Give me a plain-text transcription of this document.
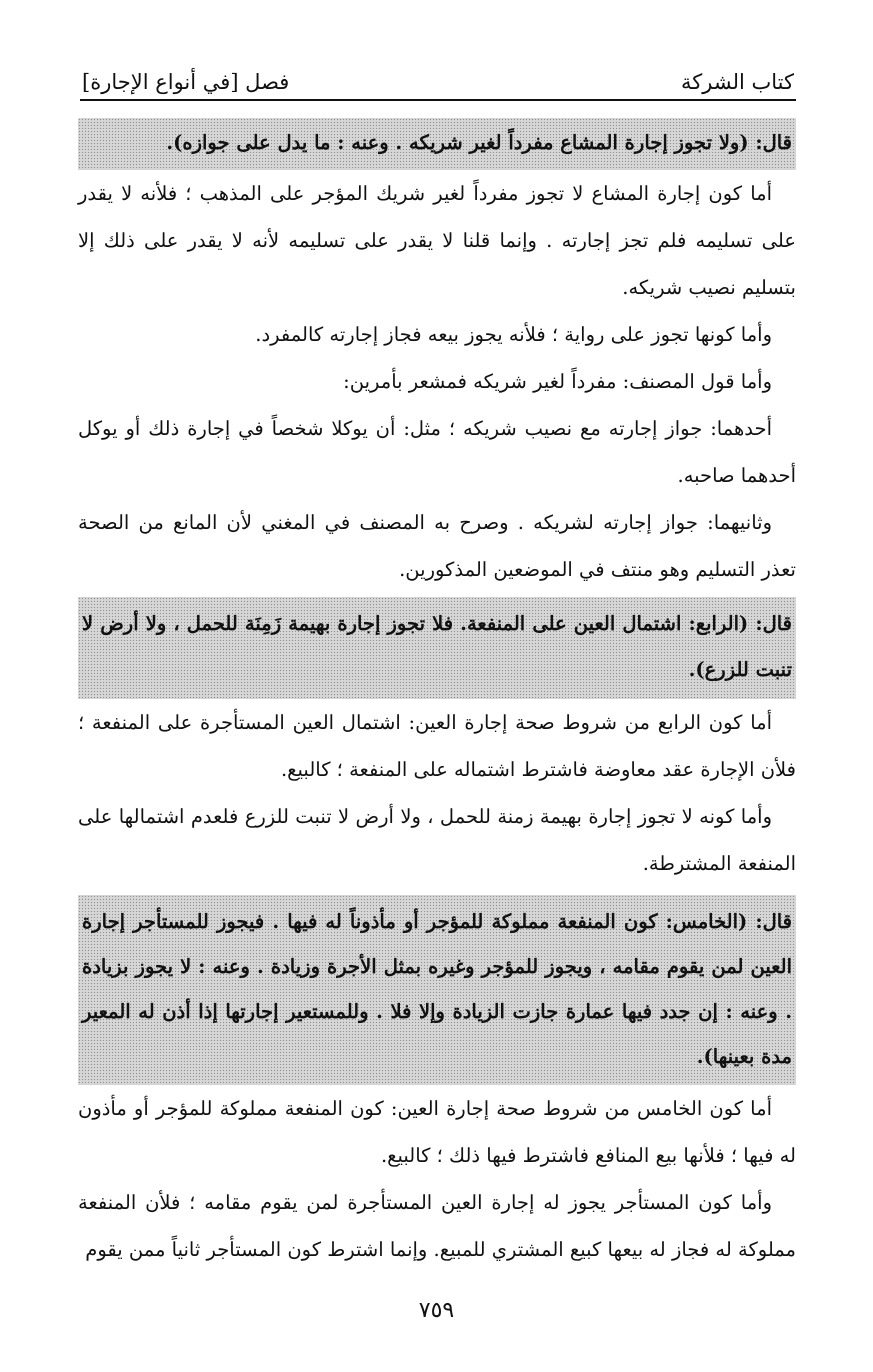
كتاب الشركة
فصل [في أنواع الإجارة]

قال: (ولا تجوز إجارة المشاع مفرداً لغير شريكه . وعنه : ما يدل على جوازه).

أما كون إجارة المشاع لا تجوز مفرداً لغير شريك المؤجر على المذهب ؛ فلأنه لا يقدر على تسليمه فلم تجز إجارته . وإنما قلنا لا يقدر على تسليمه لأنه لا يقدر على ذلك إلا بتسليم نصيب شريكه.

وأما كونها تجوز على رواية ؛ فلأنه يجوز بيعه فجاز إجارته كالمفرد.

وأما قول المصنف: مفرداً لغير شريكه فمشعر بأمرين:

أحدهما: جواز إجارته مع نصيب شريكه ؛ مثل: أن يوكلا شخصاً في إجارة ذلك أو يوكل أحدهما صاحبه.

وثانيهما: جواز إجارته لشريكه . وصرح به المصنف في المغني لأن المانع من الصحة تعذر التسليم وهو منتف في الموضعين المذكورين.

قال: (الرابع: اشتمال العين على المنفعة. فلا تجوز إجارة بهيمة زَمِنَة للحمل ، ولا أرض لا تنبت للزرع).

أما كون الرابع من شروط صحة إجارة العين: اشتمال العين المستأجرة على المنفعة ؛ فلأن الإجارة عقد معاوضة فاشترط اشتماله على المنفعة ؛ كالبيع.

وأما كونه لا تجوز إجارة بهيمة زمنة للحمل ، ولا أرض لا تنبت للزرع فلعدم اشتمالها على المنفعة المشترطة.

قال: (الخامس: كون المنفعة مملوكة للمؤجر أو مأذوناً له فيها . فيجوز للمستأجر إجارة العين لمن يقوم مقامه ، ويجوز للمؤجر وغيره بمثل الأجرة وزيادة . وعنه : لا يجوز بزيادة . وعنه : إن جدد فيها عمارة جازت الزيادة وإلا فلا . وللمستعير إجارتها إذا أذن له المعير مدة بعينها).

أما كون الخامس من شروط صحة إجارة العين: كون المنفعة مملوكة للمؤجر أو مأذون له فيها ؛ فلأنها بيع المنافع فاشترط فيها ذلك ؛ كالبيع.

وأما كون المستأجر يجوز له إجارة العين المستأجرة لمن يقوم مقامه ؛ فلأن المنفعة مملوكة له فجاز له بيعها كبيع المشتري للمبيع. وإنما اشترط كون المستأجر ثانياً ممن يقوم

٧٥٩
